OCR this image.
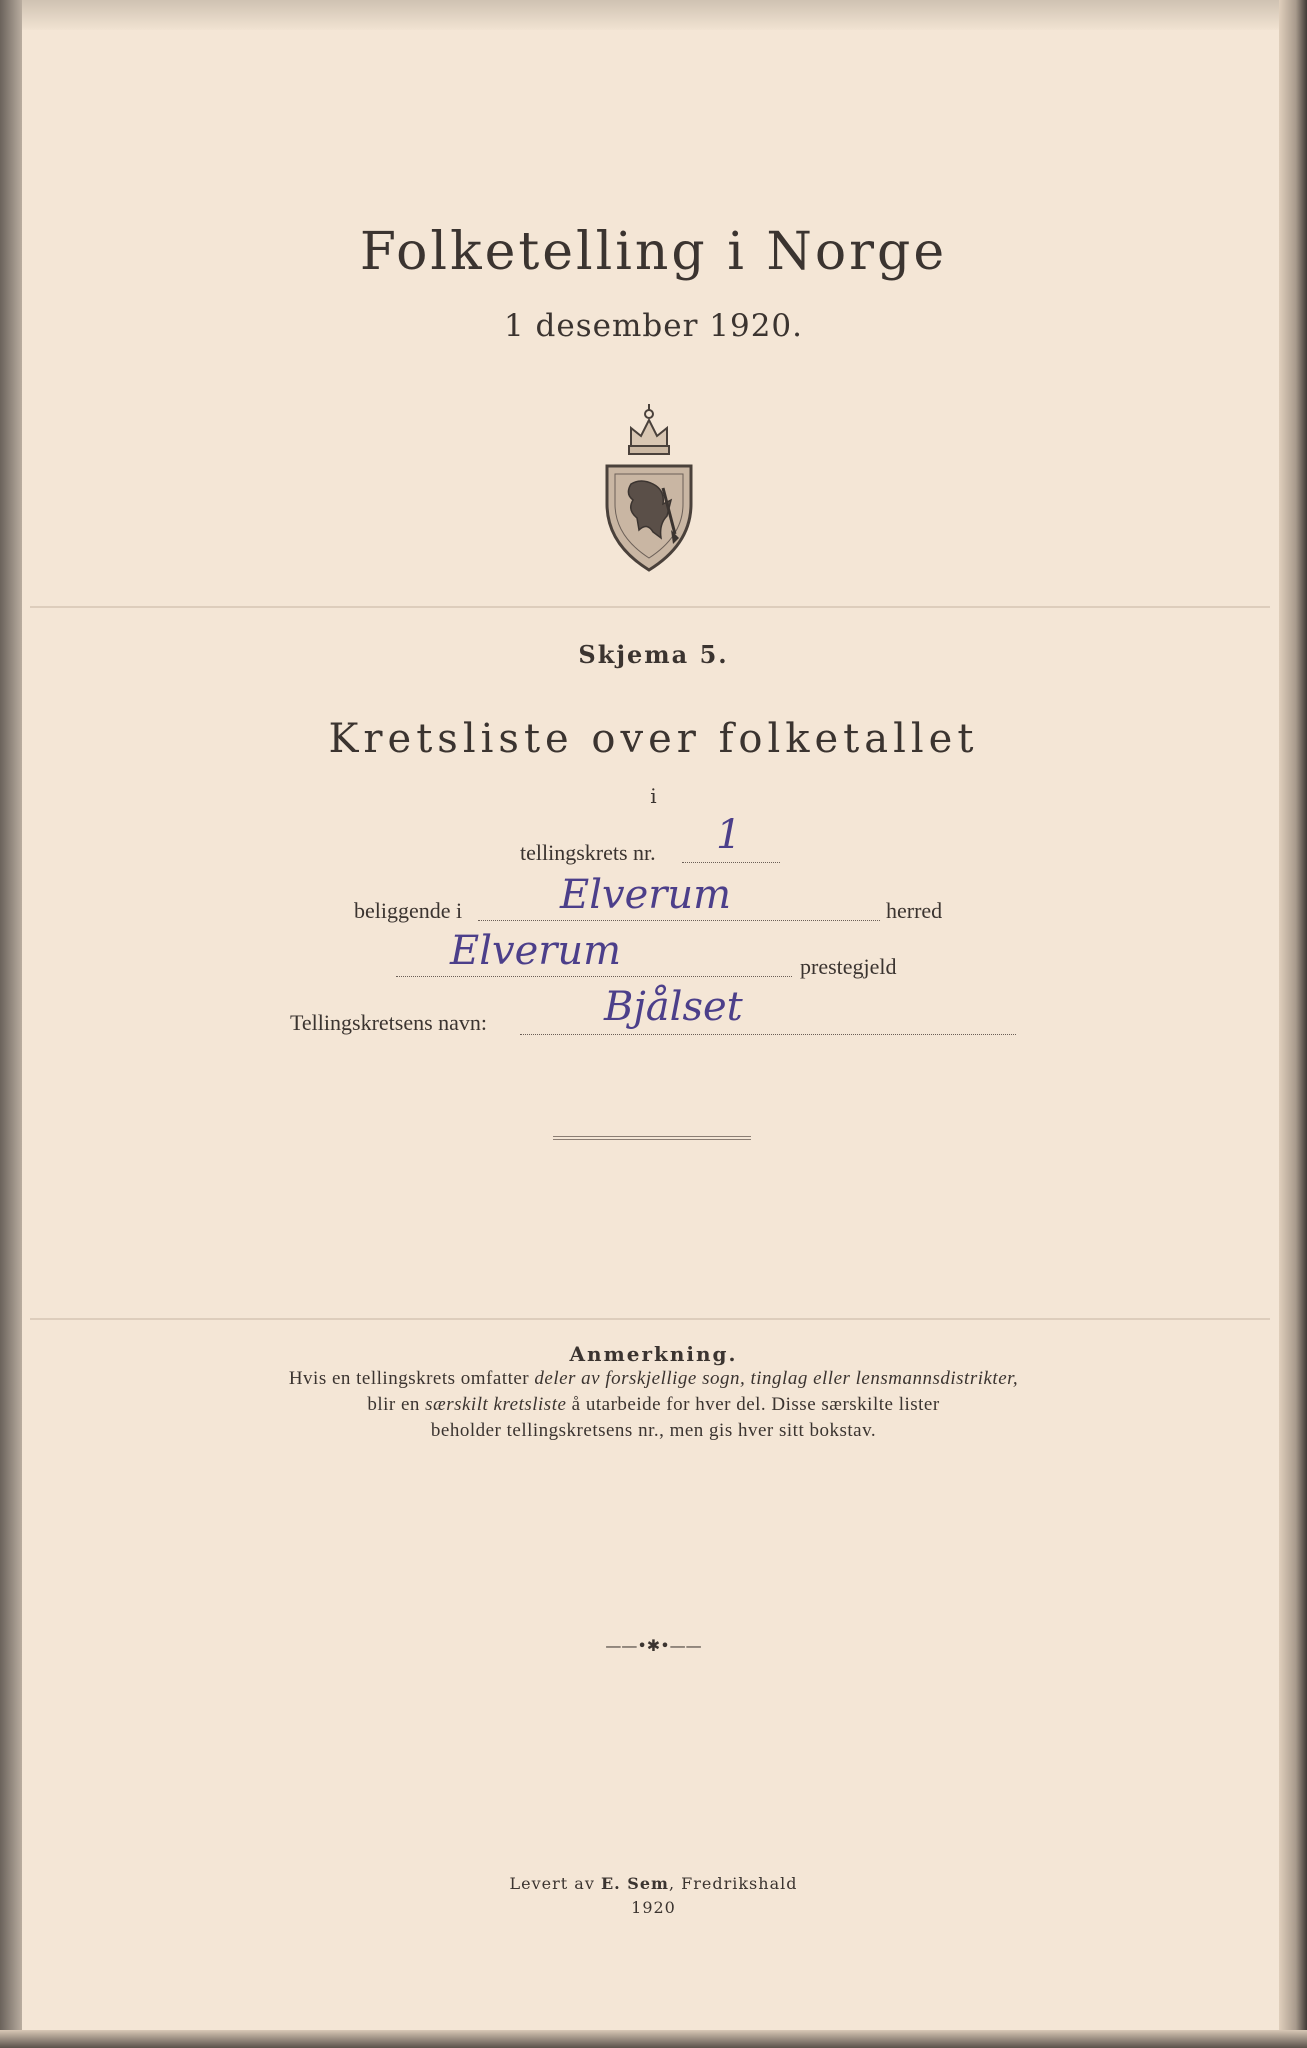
Folketelling i Norge
1 desember 1920.
Skjema 5.
Kretsliste over folketallet
i
tellingskrets nr. 1
beliggende i Elverum	herred
Elverum	prestegjeld
Tellingskretsens navn:	Bjålset
Anmerkning.
Hvis en tellingskrets omfatter deler av forskjellige sogn, tinglag eller lensmannsdistrikter,
blir en særskilt kretsliste å utarbeide for hver del. Disse særskilte lister
beholder tellingskretsens nr., men gis hver sitt bokstav.
——•✱•——
Levert av E. Sem, Fredrikshald
1920
